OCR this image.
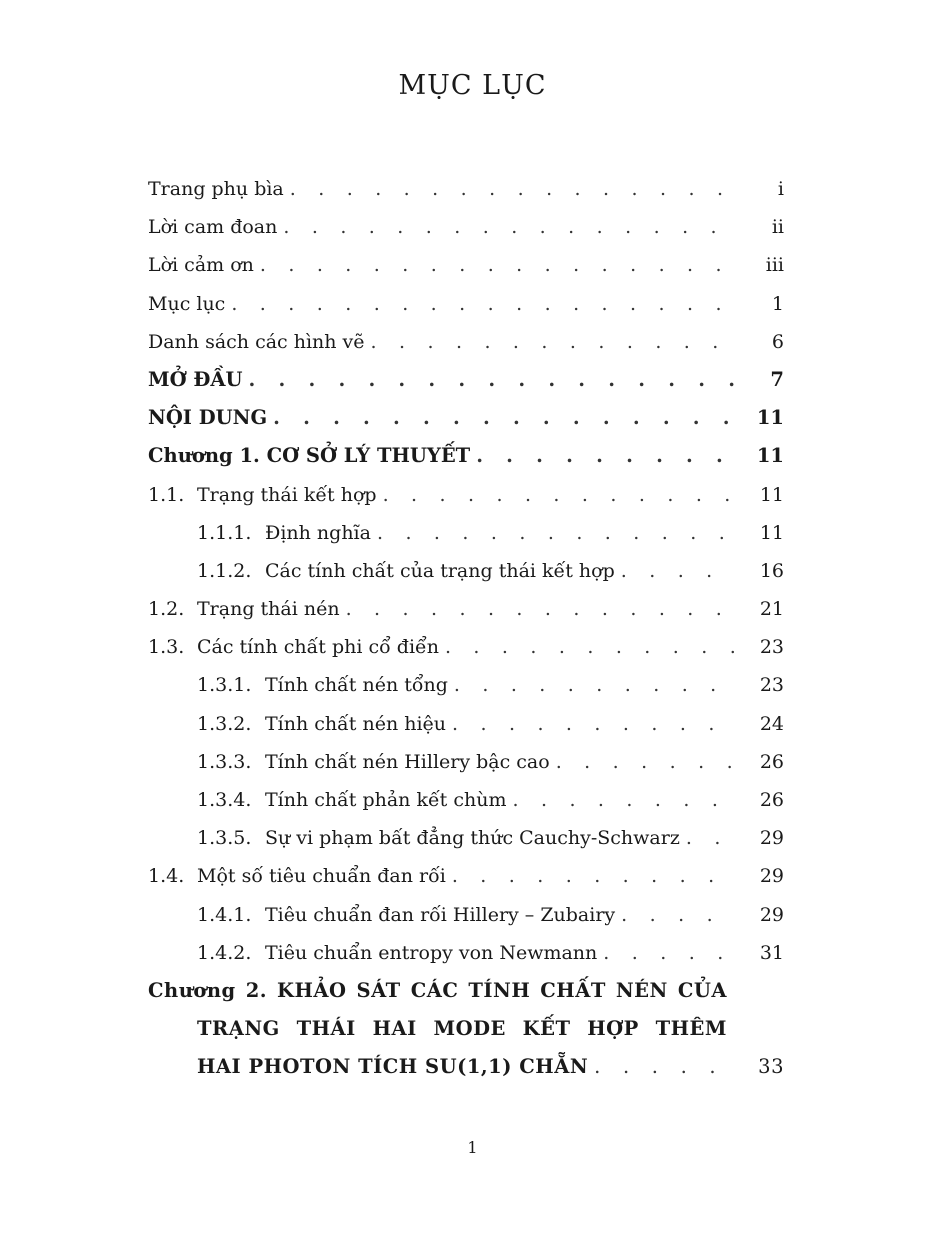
MỤC LỤC
Trang phụ bìa . . .	i
Lời cam đoan . . .	ii
Lời cảm ơn . . .	iii
Mục lục . . .	1
Danh sách các hình vẽ . . .	6
MỞ ĐẦU . . .	7
NỘI DUNG . . .	11
Chương 1. CƠ SỞ LÝ THUYẾT . . .	11
1.1. Trạng thái kết hợp . . .	11
1.1.1. Định nghĩa . . .	11
1.1.2. Các tính chất của trạng thái kết hợp . . .	16
1.2. Trạng thái nén . . .	21
1.3. Các tính chất phi cổ điển . . .	23
1.3.1. Tính chất nén tổng . . .	23
1.3.2. Tính chất nén hiệu . . .	24
1.3.3. Tính chất nén Hillery bậc cao . . .	26
1.3.4. Tính chất phản kết chùm . . .	26
1.3.5. Sự vi phạm bất đẳng thức Cauchy-Schwarz . . .	29
1.4. Một số tiêu chuẩn đan rối . . .	29
1.4.1. Tiêu chuẩn đan rối Hillery – Zubairy . . .	29
1.4.2. Tiêu chuẩn entropy von Newmann . . .	31
Chương 2. KHẢO SÁT CÁC TÍNH CHẤT NÉN CỦA
TRẠNG THÁI HAI MODE KẾT HỢP THÊM
HAI PHOTON TÍCH SU(1,1) CHẴN . . .	33
1
